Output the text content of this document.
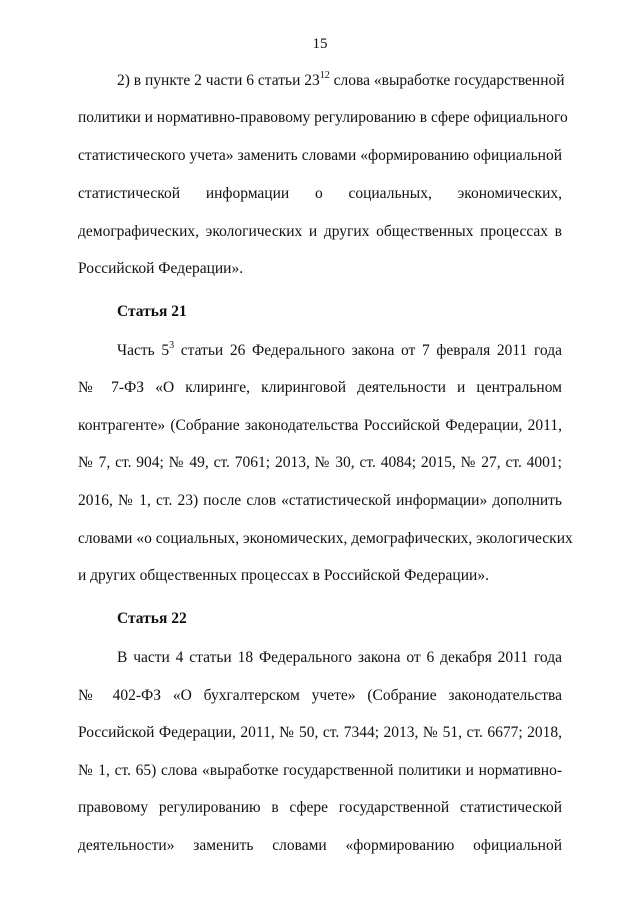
15
2) в пункте 2 части 6 статьи $23^{12}$ слова «выработке государственной
политики и нормативно-правовому регулированию в сфере официального
статистического учета» заменить словами «формированию официальной
статистической информации о социальных, экономических,
демографических, экологических и других общественных процессах в
Российской Федерации».
Статья 21
Часть $5^3$ статьи 26 Федерального закона от 7 февраля 2011 года
№ 7-ФЗ «О клиринге, клиринговой деятельности и центральном
контрагенте» (Собрание законодательства Российской Федерации, 2011,
№ 7, ст. 904; № 49, ст. 7061; 2013, № 30, ст. 4084; 2015, № 27, ст. 4001;
2016, № 1, ст. 23) после слов «статистической информации» дополнить
словами «о социальных, экономических, демографических, экологических
и других общественных процессах в Российской Федерации».
Статья 22
В части 4 статьи 18 Федерального закона от 6 декабря 2011 года
№ 402-ФЗ «О бухгалтерском учете» (Собрание законодательства
Российской Федерации, 2011, № 50, ст. 7344; 2013, № 51, ст. 6677; 2018,
№ 1, ст. 65) слова «выработке государственной политики и нормативно-
правовому регулированию в сфере государственной статистической
деятельности» заменить словами «формированию официальной
